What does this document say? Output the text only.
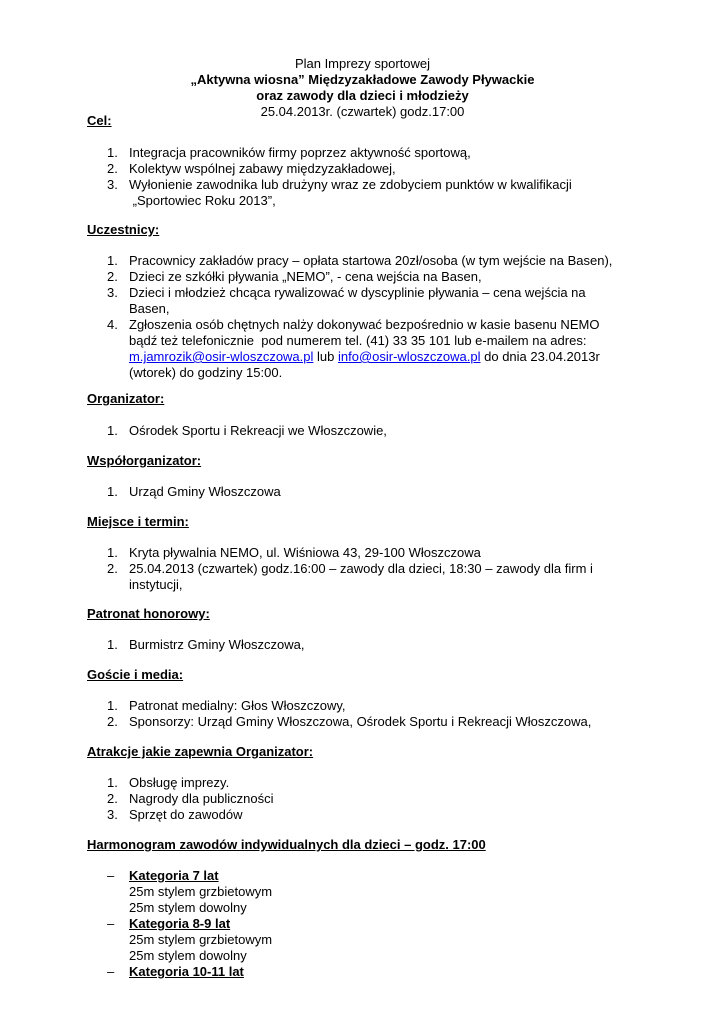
Plan Imprezy sportowej
„Aktywna wiosna” Międzyzakładowe Zawody Pływackie
oraz zawody dla dzieci i młodzieży
25.04.2013r. (czwartek) godz.17:00
Cel:
1. Integracja pracowników firmy poprzez aktywność sportową,
2. Kolektyw wspólnej zabawy międzyzakładowej,
3. Wyłonienie zawodnika lub drużyny wraz ze zdobyciem punktów w kwalifikacji
„Sportowiec Roku 2013”,
Uczestnicy:
1. Pracownicy zakładów pracy – opłata startowa 20zł/osoba (w tym wejście na Basen),
2. Dzieci ze szkółki pływania „NEMO”, - cena wejścia na Basen,
3. Dzieci i młodzież chcąca rywalizować w dyscyplinie pływania – cena wejścia na
Basen,
4. Zgłoszenia osób chętnych nalży dokonywać bezpośrednio w kasie basenu NEMO
bądź też telefonicznie  pod numerem tel. (41) 33 35 101 lub e-mailem na adres:
m.jamrozik@osir-wloszczowa.pl lub info@osir-wloszczowa.pl do dnia 23.04.2013r
(wtorek) do godziny 15:00.
Organizator:
1. Ośrodek Sportu i Rekreacji we Włoszczowie,
Współorganizator:
1. Urząd Gminy Włoszczowa
Miejsce i termin:
1. Kryta pływalnia NEMO, ul. Wiśniowa 43, 29-100 Włoszczowa
2. 25.04.2013 (czwartek) godz.16:00 – zawody dla dzieci, 18:30 – zawody dla firm i
instytucji,
Patronat honorowy:
1. Burmistrz Gminy Włoszczowa,
Goście i media:
1. Patronat medialny: Głos Włoszczowy,
2. Sponsorzy: Urząd Gminy Włoszczowa, Ośrodek Sportu i Rekreacji Włoszczowa,
Atrakcje jakie zapewnia Organizator:
1. Obsługę imprezy.
2. Nagrody dla publiczności
3. Sprzęt do zawodów
Harmonogram zawodów indywidualnych dla dzieci – godz. 17:00
– Kategoria 7 lat
25m stylem grzbietowym
25m stylem dowolny
– Kategoria 8-9 lat
25m stylem grzbietowym
25m stylem dowolny
– Kategoria 10-11 lat
